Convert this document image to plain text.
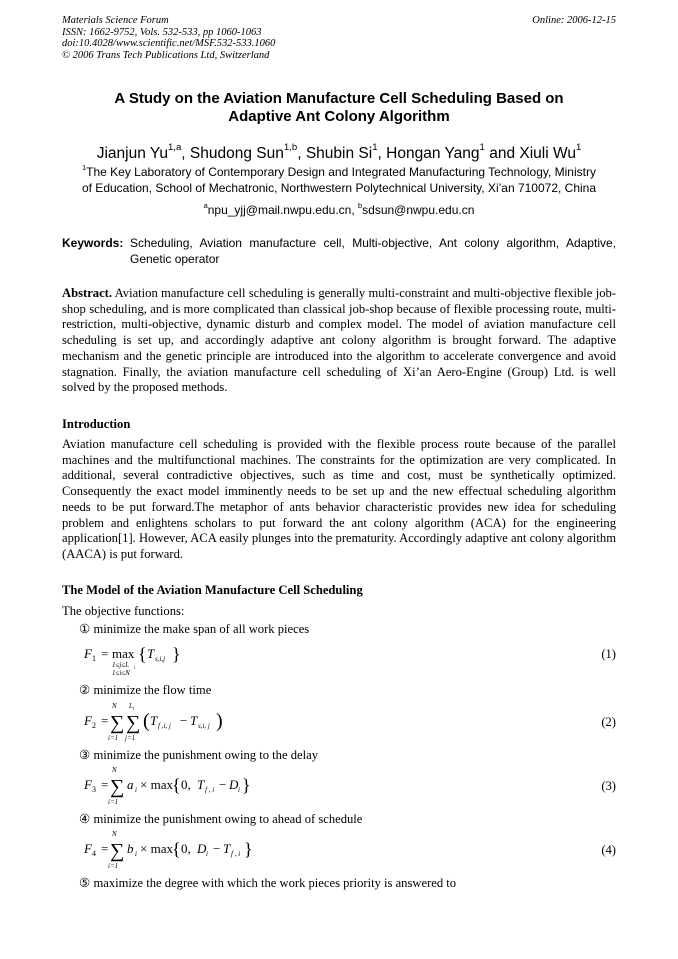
Materials Science Forum
ISSN: 1662-9752, Vols. 532-533, pp 1060-1063
doi:10.4028/www.scientific.net/MSF.532-533.1060
© 2006 Trans Tech Publications Ltd, Switzerland
Online: 2006-12-15
A Study on the Aviation Manufacture Cell Scheduling Based on
Adaptive Ant Colony Algorithm
Jianjun Yu$^{1,a}$, Shudong Sun$^{1,b}$, Shubin Si$^1$, Hongan Yang$^1$ and Xiuli Wu$^1$
$^1$The Key Laboratory of Contemporary Design and Integrated Manufacturing Technology, Ministry
of Education, School of Mechatronic, Northwestern Polytechnical University, Xi’an 710072, China
$^a$npu_yjj@mail.nwpu.edu.cn, $^b$sdsun@nwpu.edu.cn
Keywords: Scheduling, Aviation manufacture cell, Multi-objective, Ant colony algorithm, Adaptive, Genetic operator
Abstract. Aviation manufacture cell scheduling is generally multi-constraint and multi-objective flexible job-shop scheduling, and is more complicated than classical job-shop because of flexible processing route, multi-restriction, multi-objective, dynamic disturb and complex model. The model of aviation manufacture cell scheduling is set up, and accordingly adaptive ant colony algorithm is brought forward. The adaptive mechanism and the genetic principle are introduced into the algorithm to accelerate convergence and avoid stagnation. Finally, the aviation manufacture cell scheduling of Xi’an Aero-Engine (Group) Ltd. is well solved by the proposed methods.
Introduction
Aviation manufacture cell scheduling is provided with the flexible process route because of the parallel machines and the multifunctional machines. The constraints for the optimization are very complicated. In additional, several contradictive objectives, such as time and cost, must be synthetically optimized. Consequently the exact model imminently needs to be set up and the new effectual scheduling algorithm needs to be put forward.The metaphor of ants behavior characteristic provides new idea for scheduling problem and enlightens scholars to put forward the ant colony algorithm (ACA) for the engineering application[1]. However, ACA easily plunges into the prematurity. Accordingly adaptive ant colony algorithm (AACA) is put forward.
The Model of the Aviation Manufacture Cell Scheduling
The objective functions:
① minimize the make span of all work pieces
(1)
② minimize the flow time
(2)
③ minimize the punishment owing to the delay
(3)
④ minimize the punishment owing to ahead of schedule
(4)
⑤ maximize the degree with which the work pieces priority is answered to
F 1 = max
1≤j≤L i
1≤i≤N
{ T s,i,j }
F 2 =
N
∑
i=1
L i
∑
j=1
( T f ,i, j − T s,i, j )
F 3 =
N
∑
i=1
a i × max { 0, T f , i − D i }
F 4 =
N
∑
i=1
b i × max { 0, D i − T f , i }
